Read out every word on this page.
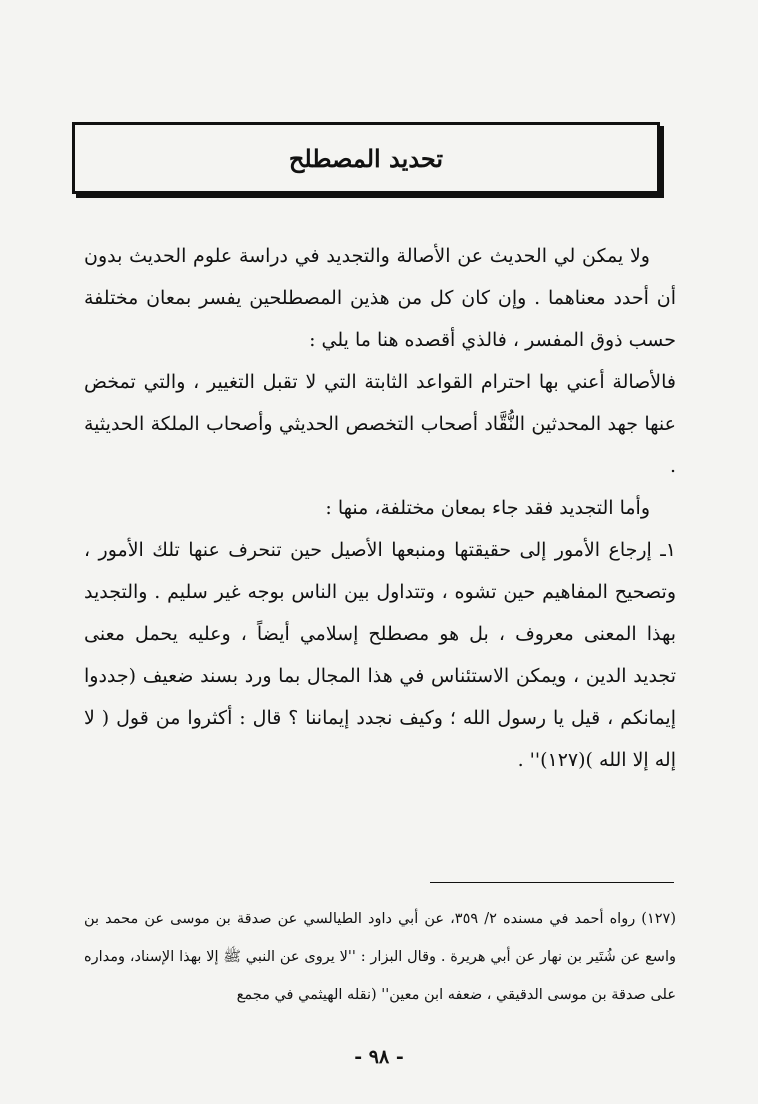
تحديد المصطلح

ولا يمكن لي الحديث عن الأصالة والتجديد في دراسة علوم الحديث بدون أن أحدد معناهما . وإن كان كل من هذين المصطلحين يفسر بمعان مختلفة حسب ذوق المفسر ، فالذي أقصده هنا ما يلي :

فالأصالة أعني بها احترام القواعد الثابتة التي لا تقبل التغيير ، والتي تمخض عنها جهد المحدثين النُّقَّاد أصحاب التخصص الحديثي وأصحاب الملكة الحديثية .

وأما التجديد فقد جاء بمعان مختلفة، منها :

١ـ إرجاع الأمور إلى حقيقتها ومنبعها الأصيل حين تنحرف عنها تلك الأمور ، وتصحيح المفاهيم حين تشوه ، وتتداول بين الناس بوجه غير سليم . والتجديد بهذا المعنى معروف ، بل هو مصطلح إسلامي أيضاً ، وعليه يحمل معنى تجديد الدين ، ويمكن الاستئناس في هذا المجال بما ورد بسند ضعيف (جددوا إيمانكم ، قيل يا رسول الله ؛ وكيف نجدد إيماننا ؟ قال : أكثروا من قول ( لا إله إلا الله )(١٢٧)'' .

(١٢٧) رواه أحمد في مسنده ٢/ ٣٥٩، عن أبي داود الطيالسي عن صدقة بن موسى عن محمد بن واسع عن شُتَير بن نهار عن أبي هريرة . وقال البزار : ''لا يروى عن النبي ﷺ إلا بهذا الإسناد، ومداره على صدقة بن موسى الدقيقي ، ضعفه ابن معين'' (نقله الهيثمي في مجمع

- ٩٨ -
